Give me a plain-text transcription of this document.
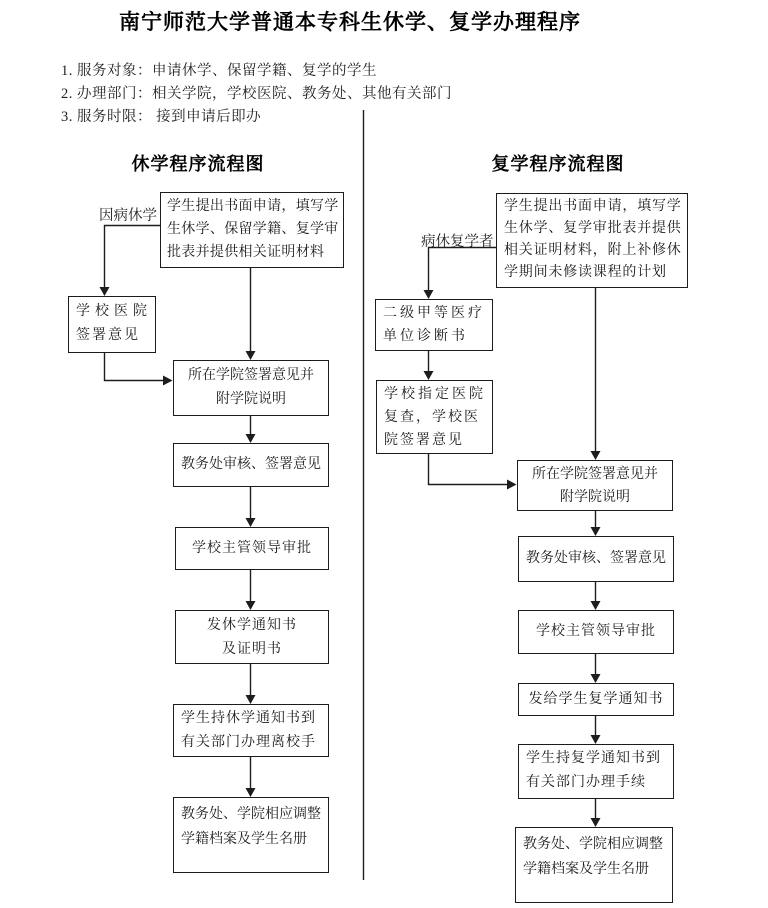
南宁师范大学普通本专科生休学、复学办理程序
1. 服务对象：申请休学、保留学籍、复学的学生
2. 办理部门：相关学院，学校医院、教务处、其他有关部门
3. 服务时限： 接到申请后即办
休学程序流程图	复学程序流程图
因病休学
病休复学者
学生提出书面申请，填写学
生休学、保留学籍、复学审
批表并提供相关证明材料
学校医院
签署意见
所在学院签署意见并
附学院说明
教务处审核、签署意见
学校主管领导审批
发休学通知书
及证明书
学生持休学通知书到
有关部门办理离校手
教务处、学院相应调整
学籍档案及学生名册
学生提出书面申请，填写学
生休学、复学审批表并提供
相关证明材料，附上补修休
学期间未修读课程的计划
二级甲等医疗
单位诊断书
学校指定医院
复查，学校医
院签署意见
所在学院签署意见并
附学院说明
教务处审核、签署意见
学校主管领导审批
发给学生复学通知书
学生持复学通知书到
有关部门办理手续
教务处、学院相应调整
学籍档案及学生名册
